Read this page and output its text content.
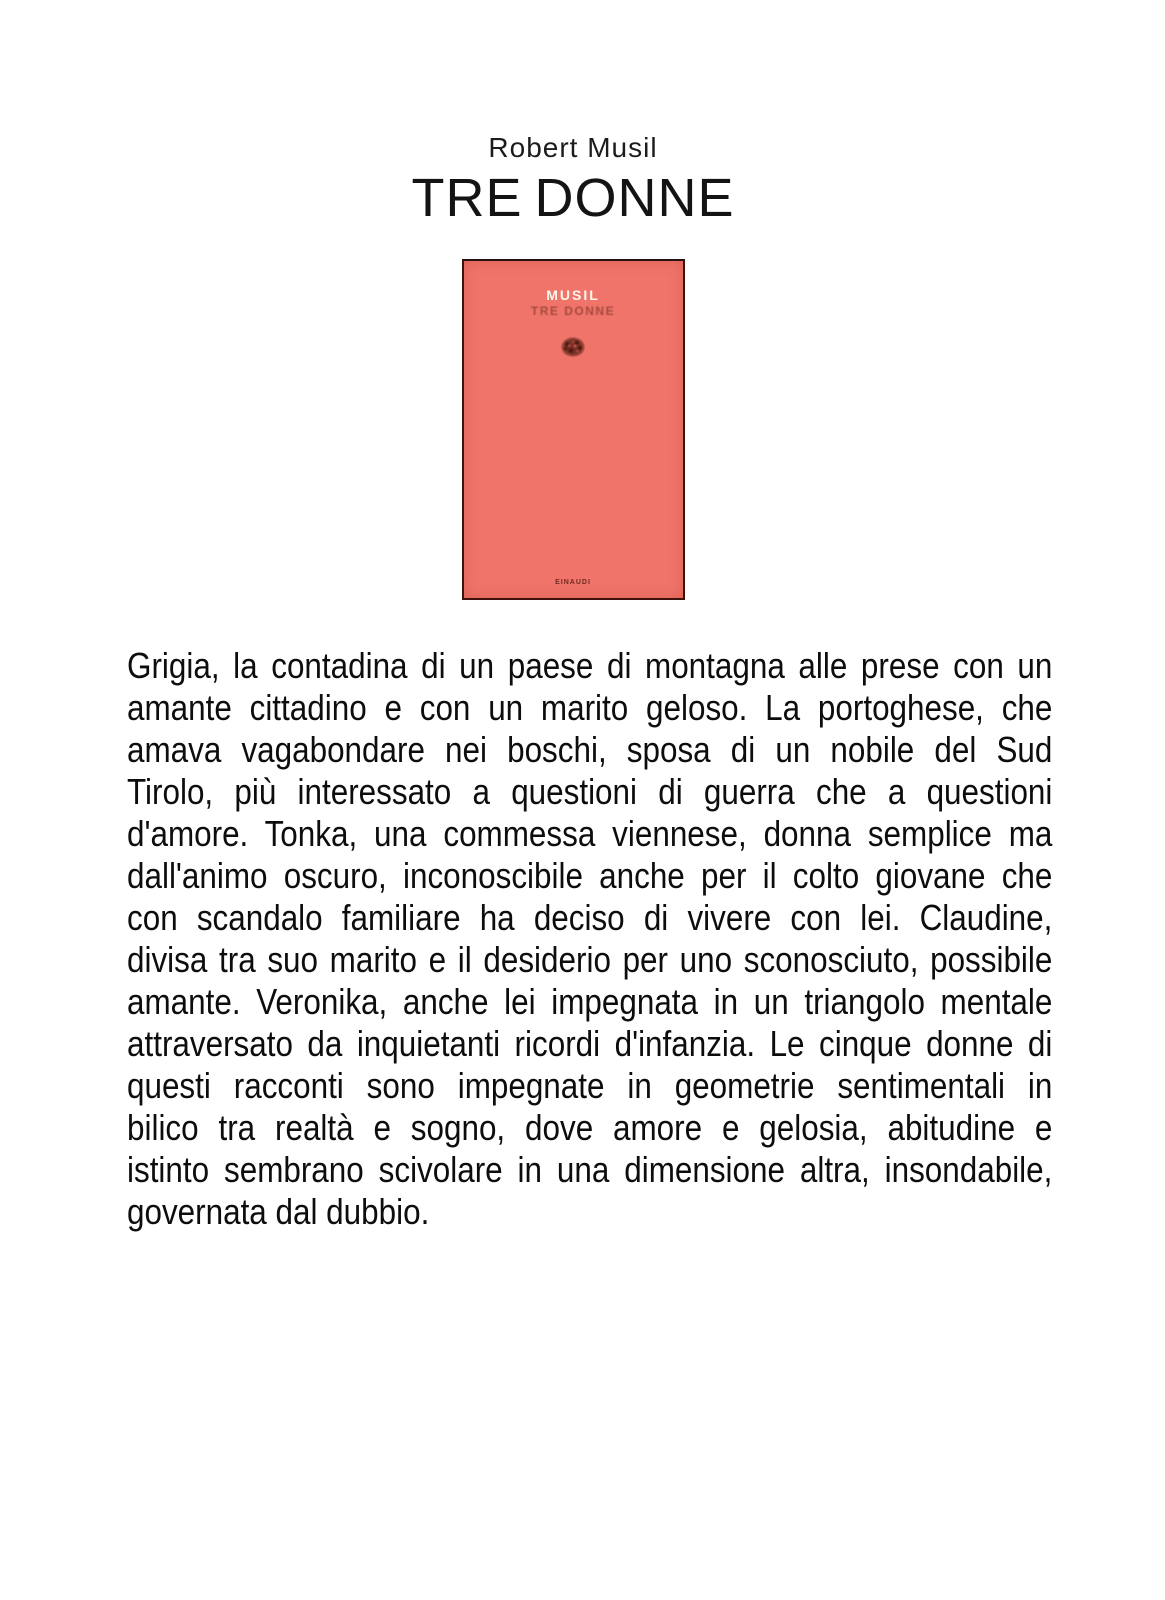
Robert Musil
TRE DONNE
MUSIL
TRE DONNE
EINAUDI
Grigia, la contadina di un paese di montagna alle prese con un
amante cittadino e con un marito geloso. La portoghese, che
amava vagabondare nei boschi, sposa di un nobile del Sud
Tirolo, più interessato a questioni di guerra che a questioni
d'amore. Tonka, una commessa viennese, donna semplice ma
dall'animo oscuro, inconoscibile anche per il colto giovane che
con scandalo familiare ha deciso di vivere con lei. Claudine,
divisa tra suo marito e il desiderio per uno sconosciuto, possibile
amante. Veronika, anche lei impegnata in un triangolo mentale
attraversato da inquietanti ricordi d'infanzia. Le cinque donne di
questi racconti sono impegnate in geometrie sentimentali in
bilico tra realtà e sogno, dove amore e gelosia, abitudine e
istinto sembrano scivolare in una dimensione altra, insondabile,
governata dal dubbio.
